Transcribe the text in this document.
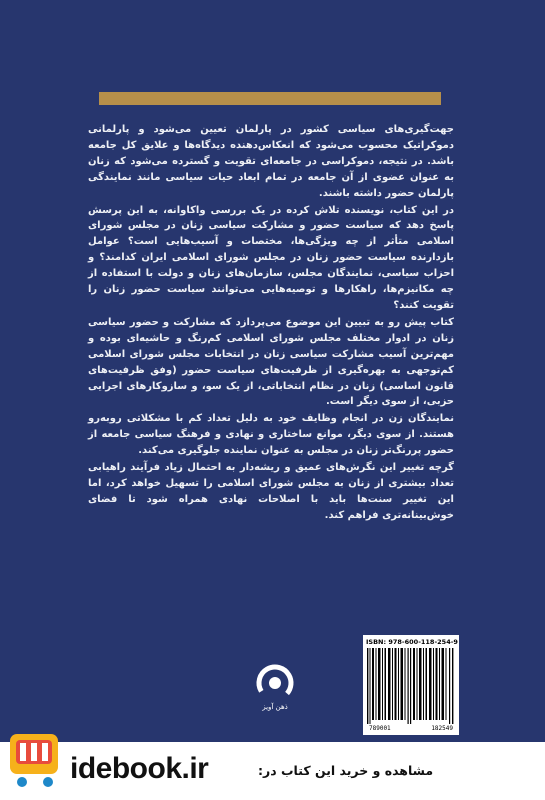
جهت‌گیری‌های سیاسی کشور در پارلمان تعیین می‌شود و پارلمانی دموکراتیک محسوب می‌شود که انعکاس‌دهنده دیدگاه‌ها و علایق کل جامعه باشد. در نتیجه، دموکراسی در جامعه‌ای تقویت و گسترده می‌شود که زنان به عنوان عضوی از آن جامعه در تمام ابعاد حیات سیاسی مانند نمایندگی پارلمان حضور داشته باشند.

در این کتاب، نویسنده تلاش کرده در یک بررسی واکاوانه، به این پرسش پاسخ دهد که سیاست حضور و مشارکت سیاسی زنان در مجلس شورای اسلامی متأثر از چه ویژگی‌ها، مختصات و آسیب‌هایی است؟ عوامل بازدارنده سیاست حضور زنان در مجلس شورای اسلامی ایران کدامند؟ و احزاب سیاسی، نمایندگان مجلس، سازمان‌های زنان و دولت با استفاده از چه مکانیزم‌ها، راهکارها و توصیه‌هایی می‌توانند سیاست حضور زنان را تقویت کنند؟

کتاب پیش رو به تبیین این موضوع می‌پردازد که مشارکت و حضور سیاسی زنان در ادوار مختلف مجلس شورای اسلامی کم‌رنگ و حاشیه‌ای بوده و مهم‌ترین آسیب مشارکت سیاسی زنان در انتخابات مجلس شورای اسلامی کم‌توجهی به بهره‌گیری از ظرفیت‌های سیاست حضور (وفق ظرفیت‌های قانون اساسی) زنان در نظام انتخاباتی، از یک سو، و سازوکارهای اجرایی حزبی، از سوی دیگر است.

نمایندگان زن در انجام وظایف خود به دلیل تعداد کم با مشکلاتی روبه‌رو هستند. از سوی دیگر، موانع ساختاری و نهادی و فرهنگ سیاسی جامعه از حضور پررنگ‌تر زنان در مجلس به عنوان نماینده جلوگیری می‌کند.

گرچه تغییر این نگرش‌های عمیق و ریشه‌دار به احتمال زیاد فرآیند راهیابی تعداد بیشتری از زنان به مجلس شورای اسلامی را تسهیل خواهد کرد، اما این تغییر سنت‌ها باید با اصلاحات نهادی همراه شود تا فضای خوش‌بینانه‌تری فراهم کند.

ذهن آویز
ISBN: 978-600-118-254-9
789001	182549
idebook.ir	مشاهده و خرید این کتاب در:
